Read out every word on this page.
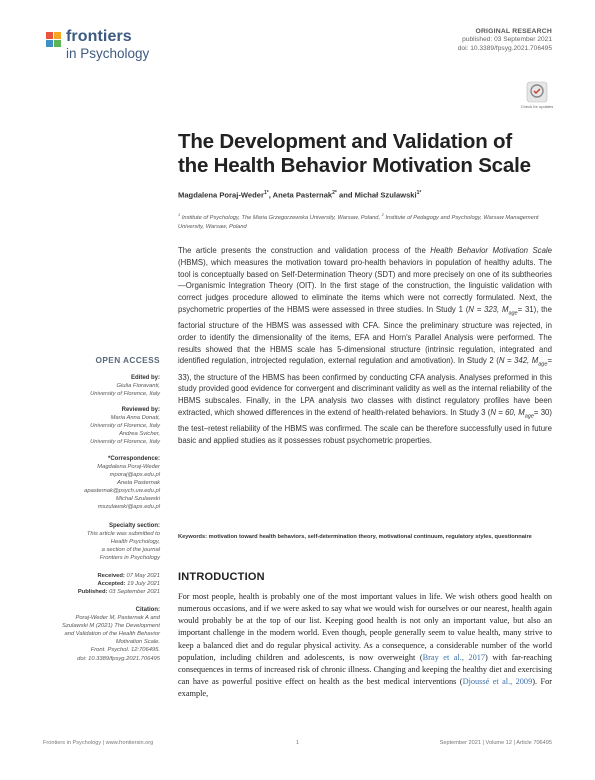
frontiers
in Psychology
ORIGINAL RESEARCH
published: 03 September 2021
doi: 10.3389/fpsyg.2021.706495
Check for updates
The Development and Validation of
the Health Behavior Motivation Scale
Magdalena Poraj-Weder$^{1*}$, Aneta Pasternak$^{2*}$ and Michał Szulawski$^{1*}$
$^1$ Institute of Psychology, The Maria Grzegorzewska University, Warsaw, Poland, $^2$ Institute of Pedagogy and Psychology, Warsaw Management University, Warsaw, Poland
The article presents the construction and validation process of the Health Behavior Motivation Scale (HBMS), which measures the motivation toward pro-health behaviors in population of healthy adults. The tool is conceptually based on Self-Determination Theory (SDT) and more precisely on one of its subtheories—Organismic Integration Theory (OIT). In the first stage of the construction, the linguistic validation with correct judges procedure allowed to eliminate the items which were not correctly formulated. Next, the psychometric properties of the HBMS were assessed in three studies. In Study 1 (N = 323, $M_{age}= 31$), the factorial structure of the HBMS was assessed with CFA. Since the preliminary structure was rejected, in order to identify the dimensionality of the items, EFA and Horn's Parallel Analysis were performed. The results showed that the HBMS scale has 5-dimensional structure (intrinsic regulation, integrated and identified regulation, introjected regulation, external regulation and amotivation). In Study 2 (N = 342, $M_{age}= 33$), the structure of the HBMS has been confirmed by conducting CFA analysis. Analyses preformed in this study provided good evidence for convergent and discriminant validity as well as the internal reliability of the HBMS subscales. Finally, in the LPA analysis two classes with distinct regulatory profiles have been extracted, which showed differences in the extend of health-related behaviors. In Study 3 (N = 60, $M_{age}= 30$) the test–retest reliability of the HBMS was confirmed. The scale can be therefore successfully used in future basic and applied studies as it possesses robust psychometric properties.
Keywords: motivation toward health behaviors, self-determination theory, motivational continuum, regulatory styles, questionnaire
OPEN ACCESS
Edited by:
Giulia Fioravanti,
University of Florence, Italy
Reviewed by:
Maria Anna Donati,
University of Florence, Italy
Andrea Svicher,
University of Florence, Italy
*Correspondence:
Magdalena Poraj-Weder
mporaj@aps.edu.pl
Aneta Pasternak
apasternak@psych.uw.edu.pl
Michał Szulawski
mszulawski@aps.edu.pl
Specialty section:
This article was submitted to
Health Psychology,
a section of the journal
Frontiers in Psychology
Received: 07 May 2021
Accepted: 19 July 2021
Published: 03 September 2021
Citation:
Poraj-Weder M, Pasternak A and
Szulawski M (2021) The Development
and Validation of the Health Behavior
Motivation Scale.
Front. Psychol. 12:706495.
doi: 10.3389/fpsyg.2021.706495
INTRODUCTION
For most people, health is probably one of the most important values in life. We wish others good health on numerous occasions, and if we were asked to say what we would wish for ourselves or our nearest, health again would probably be at the top of our list. Keeping good health is not only an important value, but also an important challenge in the modern world. Even though, people generally seem to value health, many strive to keep a balanced diet and do regular physical activity. As a consequence, a considerable number of the world population, including children and adolescents, is now overweight (Bray et al., 2017) with far-reaching consequences in terms of increased risk of chronic illness. Changing and keeping the healthy diet and exercising can have as powerful positive effect on health as the best medical interventions (Djoussé et al., 2009). For example,
Frontiers in Psychology | www.frontiersin.org	1	September 2021 | Volume 12 | Article 706495
